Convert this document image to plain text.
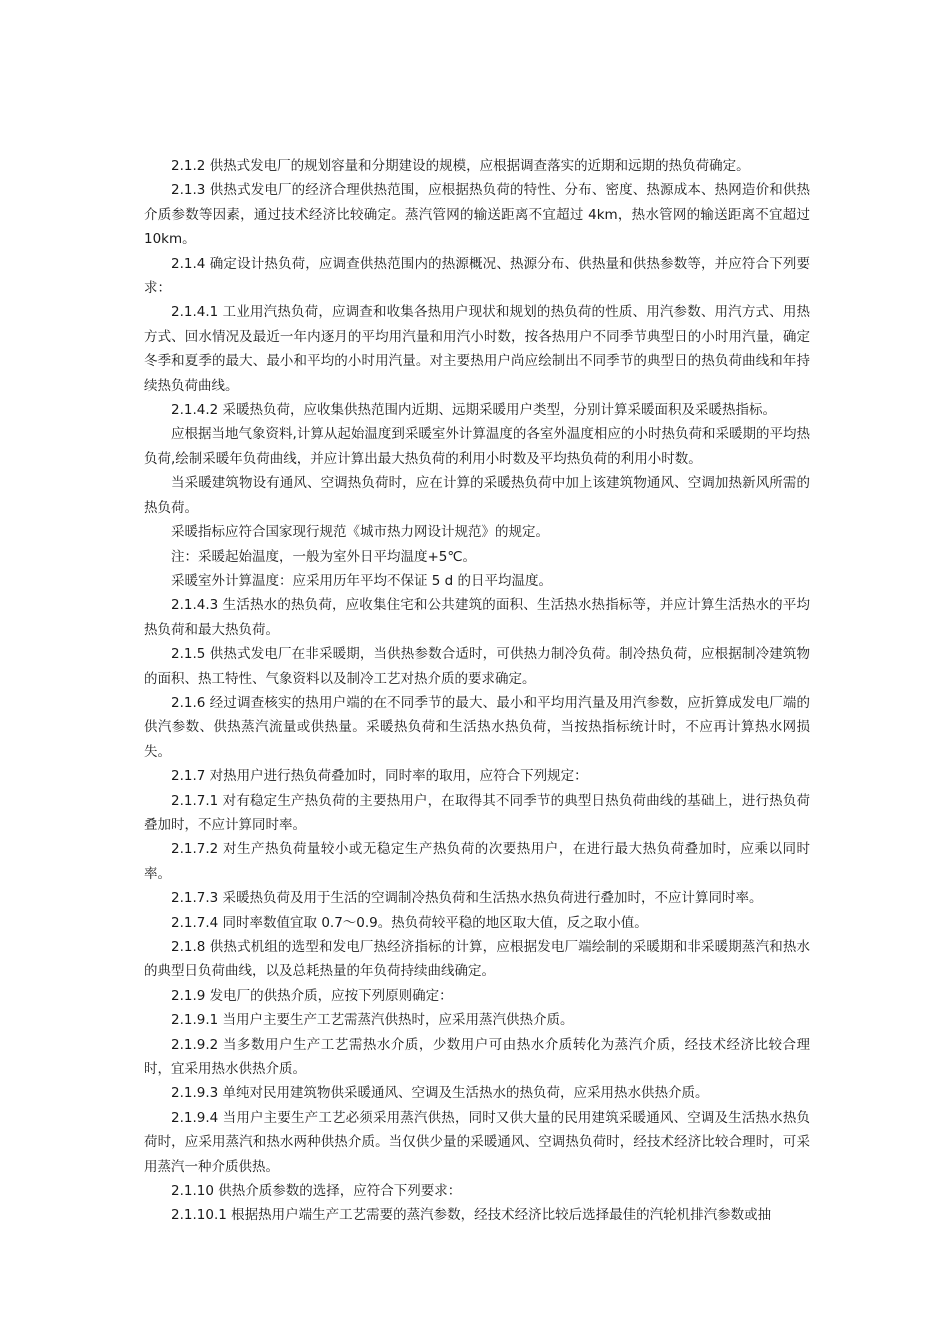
2.1.2 供热式发电厂的规划容量和分期建设的规模，应根据调查落实的近期和远期的热负荷确定。

2.1.3 供热式发电厂的经济合理供热范围，应根据热负荷的特性、分布、密度、热源成本、热网造价和供热介质参数等因素，通过技术经济比较确定。蒸汽管网的输送距离不宜超过 4km，热水管网的输送距离不宜超过 10km。

2.1.4 确定设计热负荷，应调查供热范围内的热源概况、热源分布、供热量和供热参数等，并应符合下列要求：

2.1.4.1 工业用汽热负荷，应调查和收集各热用户现状和规划的热负荷的性质、用汽参数、用汽方式、用热方式、回水情况及最近一年内逐月的平均用汽量和用汽小时数，按各热用户不同季节典型日的小时用汽量，确定冬季和夏季的最大、最小和平均的小时用汽量。对主要热用户尚应绘制出不同季节的典型日的热负荷曲线和年持续热负荷曲线。

2.1.4.2 采暖热负荷，应收集供热范围内近期、远期采暖用户类型，分别计算采暖面积及采暖热指标。

应根据当地气象资料,计算从起始温度到采暖室外计算温度的各室外温度相应的小时热负荷和采暖期的平均热负荷,绘制采暖年负荷曲线，并应计算出最大热负荷的利用小时数及平均热负荷的利用小时数。

当采暖建筑物设有通风、空调热负荷时，应在计算的采暖热负荷中加上该建筑物通风、空调加热新风所需的热负荷。

采暖指标应符合国家现行规范《城市热力网设计规范》的规定。

注：采暖起始温度，一般为室外日平均温度+5℃。

采暖室外计算温度：应采用历年平均不保证 5 d 的日平均温度。

2.1.4.3 生活热水的热负荷，应收集住宅和公共建筑的面积、生活热水热指标等，并应计算生活热水的平均热负荷和最大热负荷。

2.1.5 供热式发电厂在非采暖期，当供热参数合适时，可供热力制冷负荷。制冷热负荷，应根据制冷建筑物的面积、热工特性、气象资料以及制冷工艺对热介质的要求确定。

2.1.6 经过调查核实的热用户端的在不同季节的最大、最小和平均用汽量及用汽参数，应折算成发电厂端的供汽参数、供热蒸汽流量或供热量。采暖热负荷和生活热水热负荷，当按热指标统计时，不应再计算热水网损失。

2.1.7 对热用户进行热负荷叠加时，同时率的取用，应符合下列规定：

2.1.7.1 对有稳定生产热负荷的主要热用户，在取得其不同季节的典型日热负荷曲线的基础上，进行热负荷叠加时，不应计算同时率。

2.1.7.2 对生产热负荷量较小或无稳定生产热负荷的次要热用户，在进行最大热负荷叠加时，应乘以同时率。

2.1.7.3 采暖热负荷及用于生活的空调制冷热负荷和生活热水热负荷进行叠加时，不应计算同时率。

2.1.7.4 同时率数值宜取 0.7～0.9。热负荷较平稳的地区取大值，反之取小值。

2.1.8 供热式机组的选型和发电厂热经济指标的计算，应根据发电厂端绘制的采暖期和非采暖期蒸汽和热水的典型日负荷曲线，以及总耗热量的年负荷持续曲线确定。

2.1.9 发电厂的供热介质，应按下列原则确定：

2.1.9.1 当用户主要生产工艺需蒸汽供热时，应采用蒸汽供热介质。

2.1.9.2 当多数用户生产工艺需热水介质，少数用户可由热水介质转化为蒸汽介质，经技术经济比较合理时，宜采用热水供热介质。

2.1.9.3 单纯对民用建筑物供采暖通风、空调及生活热水的热负荷，应采用热水供热介质。

2.1.9.4 当用户主要生产工艺必须采用蒸汽供热，同时又供大量的民用建筑采暖通风、空调及生活热水热负荷时，应采用蒸汽和热水两种供热介质。当仅供少量的采暖通风、空调热负荷时，经技术经济比较合理时，可采用蒸汽一种介质供热。

2.1.10 供热介质参数的选择，应符合下列要求：

2.1.10.1 根据热用户端生产工艺需要的蒸汽参数，经技术经济比较后选择最佳的汽轮机排汽参数或抽
